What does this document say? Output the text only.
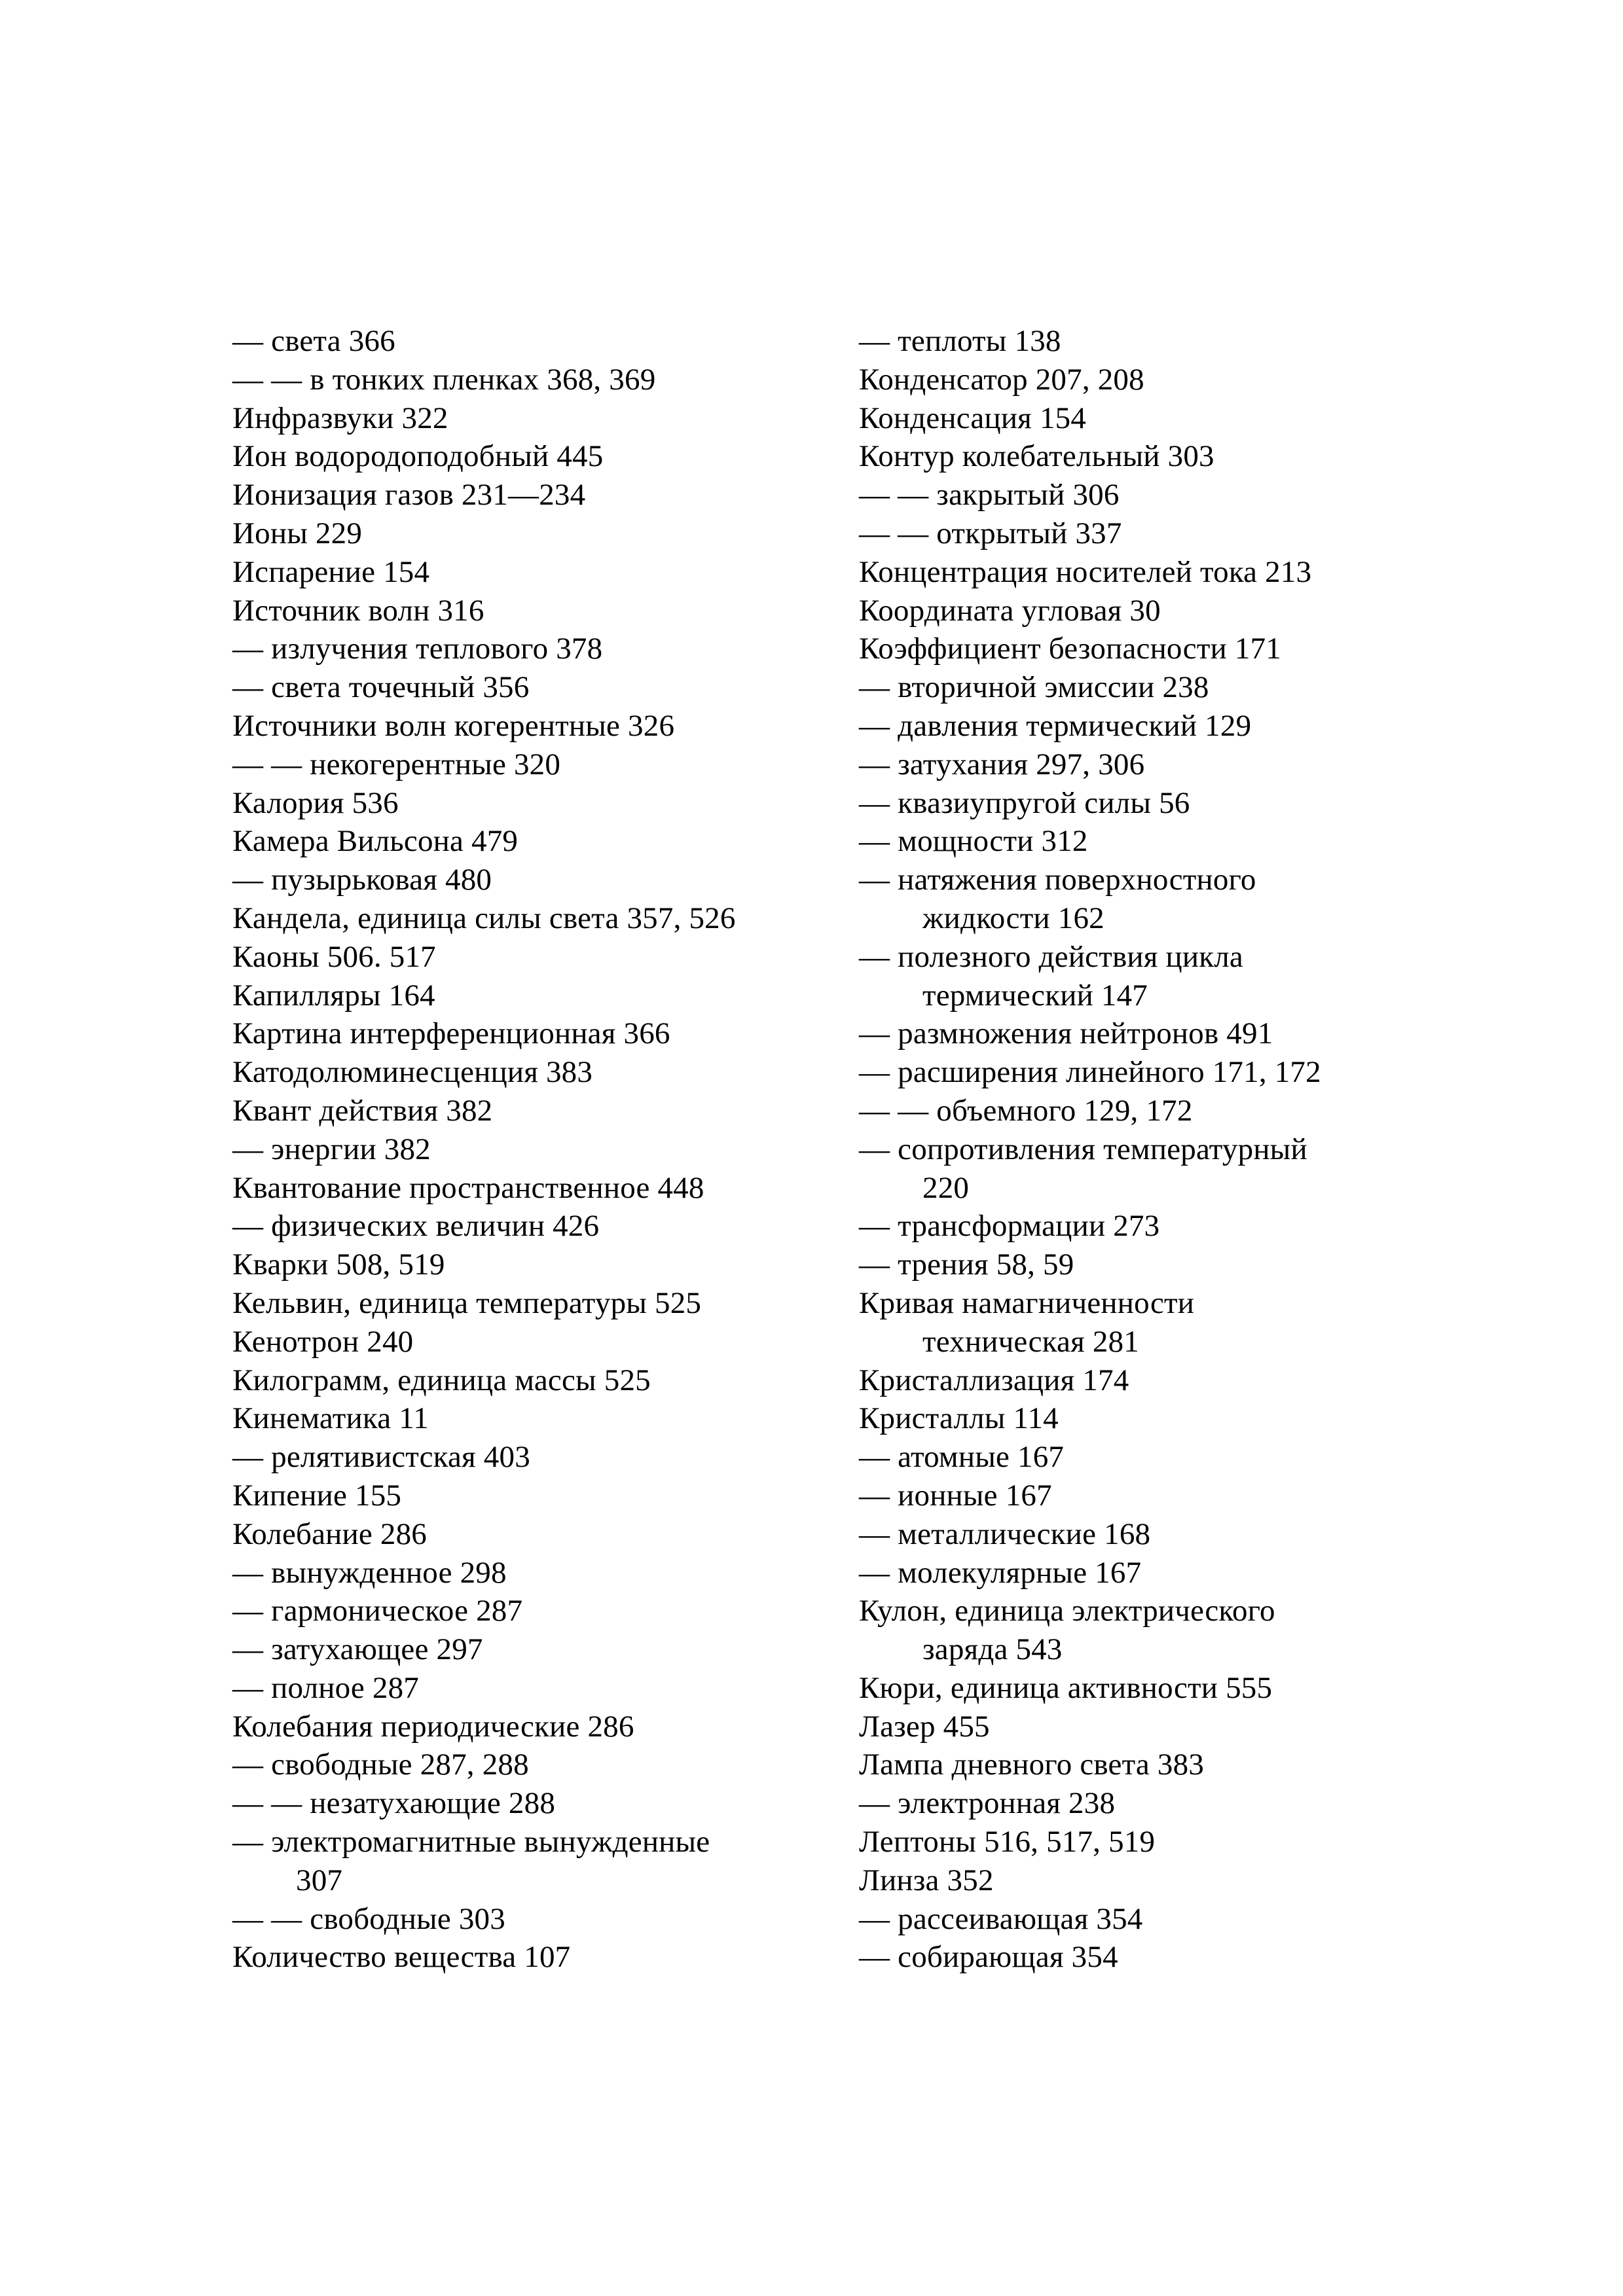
— света 366
— — в тонких пленках 368, 369
Инфразвуки 322
Ион водородоподобный 445
Ионизация газов 231—234
Ионы 229
Испарение 154
Источник волн 316
— излучения теплового 378
— света точечный 356
Источники волн когерентные 326
— — некогерентные 320
Калория 536
Камера Вильсона 479
— пузырьковая 480
Кандела, единица силы света 357, 526
Каоны 506. 517
Капилляры 164
Картина интерференционная 366
Катодолюминесценция 383
Квант действия 382
— энергии 382
Квантование пространственное 448
— физических величин 426
Кварки 508, 519
Кельвин, единица температуры 525
Кенотрон 240
Килограмм, единица массы 525
Кинематика 11
— релятивистская 403
Кипение 155
Колебание 286
— вынужденное 298
— гармоническое 287
— затухающее 297
— полное 287
Колебания периодические 286
— свободные 287, 288
— — незатухающие 288
— электромагнитные вынужденные
307
— — свободные 303
Количество вещества 107
— теплоты 138
Конденсатор 207, 208
Конденсация 154
Контур колебательный 303
— — закрытый 306
— — открытый 337
Концентрация носителей тока 213
Координата угловая 30
Коэффициент безопасности 171
— вторичной эмиссии 238
— давления термический 129
— затухания 297, 306
— квазиупругой силы 56
— мощности 312
— натяжения поверхностного
жидкости 162
— полезного действия цикла
термический 147
— размножения нейтронов 491
— расширения линейного 171, 172
— — объемного 129, 172
— сопротивления температурный
220
— трансформации 273
— трения 58, 59
Кривая намагниченности
техническая 281
Кристаллизация 174
Кристаллы 114
— атомные 167
— ионные 167
— металлические 168
— молекулярные 167
Кулон, единица электрического
заряда 543
Кюри, единица активности 555
Лазер 455
Лампа дневного света 383
— электронная 238
Лептоны 516, 517, 519
Линза 352
— рассеивающая 354
— собирающая 354
